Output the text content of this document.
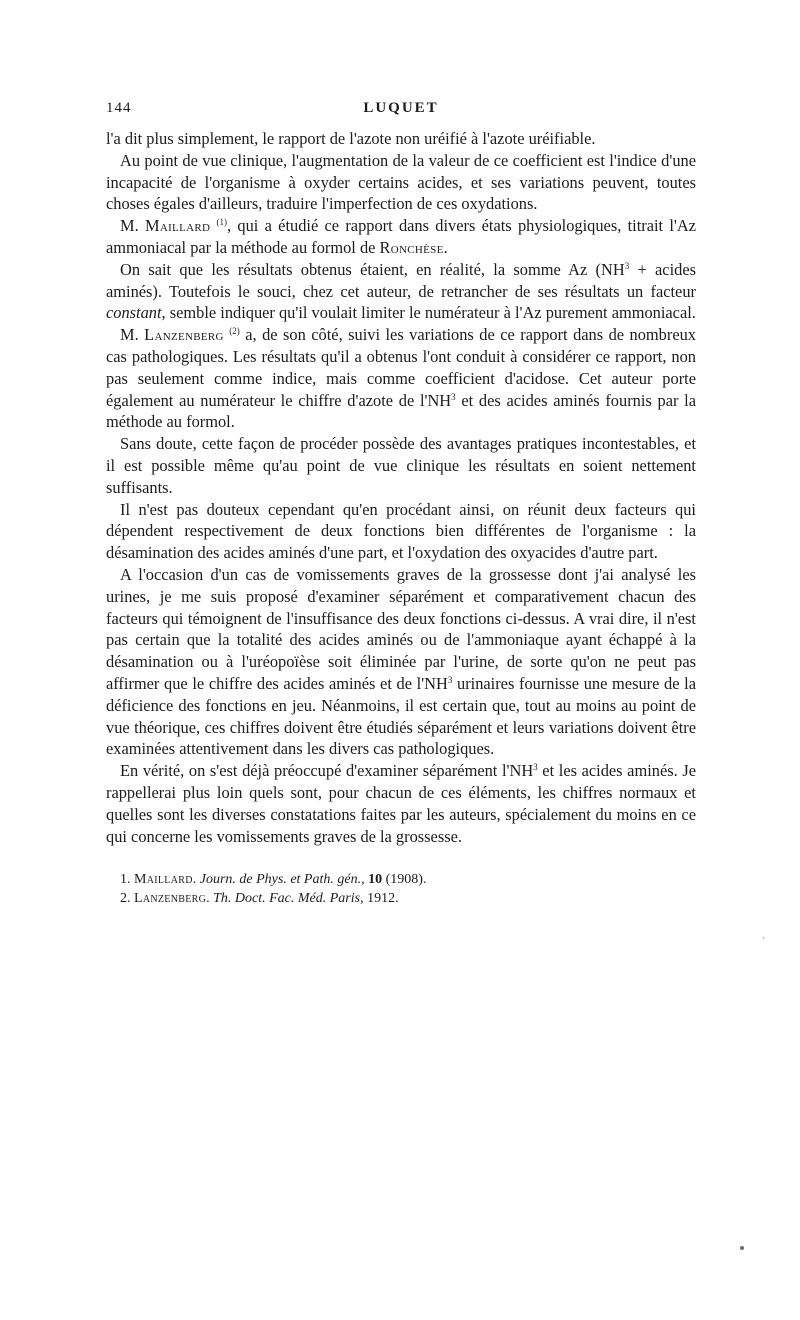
144	LUQUET

l'a dit plus simplement, le rapport de l'azote non uréifié à l'azote uréifiable.

Au point de vue clinique, l'augmentation de la valeur de ce coefficient est l'indice d'une incapacité de l'organisme à oxyder certains acides, et ses variations peuvent, toutes choses égales d'ailleurs, traduire l'imperfection de ces oxydations.

M. Maillard $^{(1)}$, qui a étudié ce rapport dans divers états physiologiques, titrait l'Az ammoniacal par la méthode au formol de Ronchèse.

On sait que les résultats obtenus étaient, en réalité, la somme Az ($NH^3$ + acides aminés). Toutefois le souci, chez cet auteur, de retrancher de ses résultats un facteur constant, semble indiquer qu'il voulait limiter le numérateur à l'Az purement ammoniacal.

M. Lanzenberg $^{(2)}$ a, de son côté, suivi les variations de ce rapport dans de nombreux cas pathologiques. Les résultats qu'il a obtenus l'ont conduit à considérer ce rapport, non pas seulement comme indice, mais comme coefficient d'acidose. Cet auteur porte également au numérateur le chiffre d'azote de $l'NH^3$ et des acides aminés fournis par la méthode au formol.

Sans doute, cette façon de procéder possède des avantages pratiques incontestables, et il est possible même qu'au point de vue clinique les résultats en soient nettement suffisants.

Il n'est pas douteux cependant qu'en procédant ainsi, on réunit deux facteurs qui dépendent respectivement de deux fonctions bien différentes de l'organisme : la désamination des acides aminés d'une part, et l'oxydation des oxyacides d'autre part.

A l'occasion d'un cas de vomissements graves de la grossesse dont j'ai analysé les urines, je me suis proposé d'examiner séparément et comparativement chacun des facteurs qui témoignent de l'insuffisance des deux fonctions ci-dessus. A vrai dire, il n'est pas certain que la totalité des acides aminés ou de l'ammoniaque ayant échappé à la désamination ou à l'uréopoïèse soit éliminée par l'urine, de sorte qu'on ne peut pas affirmer que le chiffre des acides aminés et de $l'NH^3$ urinaires fournisse une mesure de la déficience des fonctions en jeu. Néanmoins, il est certain que, tout au moins au point de vue théorique, ces chiffres doivent être étudiés séparément et leurs variations doivent être examinées attentivement dans les divers cas pathologiques.

En vérité, on s'est déjà préoccupé d'examiner séparément $l'NH^3$ et les acides aminés. Je rappellerai plus loin quels sont, pour chacun de ces éléments, les chiffres normaux et quelles sont les diverses constatations faites par les auteurs, spécialement du moins en ce qui concerne les vomissements graves de la grossesse.

1. Maillard. Journ. de Phys. et Path. gén., 10 (1908).
2. Lanzenberg. Th. Doct. Fac. Méd. Paris, 1912.
’
